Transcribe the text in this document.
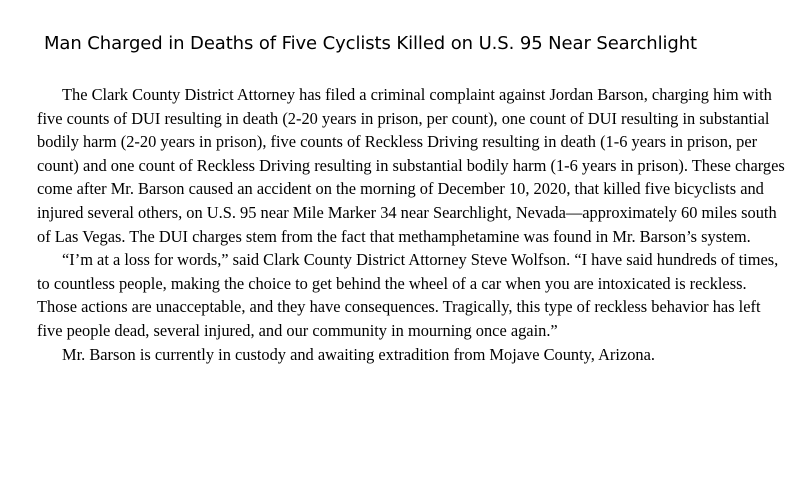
Man Charged in Deaths of Five Cyclists Killed on U.S. 95 Near Searchlight

The Clark County District Attorney has filed a criminal complaint against Jordan Barson, charging him with five counts of DUI resulting in death (2-20 years in prison, per count), one count of DUI resulting in substantial bodily harm (2-20 years in prison), five counts of Reckless Driving resulting in death (1-6 years in prison, per count) and one count of Reckless Driving resulting in substantial bodily harm (1-6 years in prison). These charges come after Mr. Barson caused an accident on the morning of December 10, 2020, that killed five bicyclists and injured several others, on U.S. 95 near Mile Marker 34 near Searchlight, Nevada—approximately 60 miles south of Las Vegas. The DUI charges stem from the fact that methamphetamine was found in Mr. Barson’s system.

“I’m at a loss for words,” said Clark County District Attorney Steve Wolfson. “I have said hundreds of times, to countless people, making the choice to get behind the wheel of a car when you are intoxicated is reckless. Those actions are unacceptable, and they have consequences. Tragically, this type of reckless behavior has left five people dead, several injured, and our community in mourning once again.”

Mr. Barson is currently in custody and awaiting extradition from Mojave County, Arizona.
